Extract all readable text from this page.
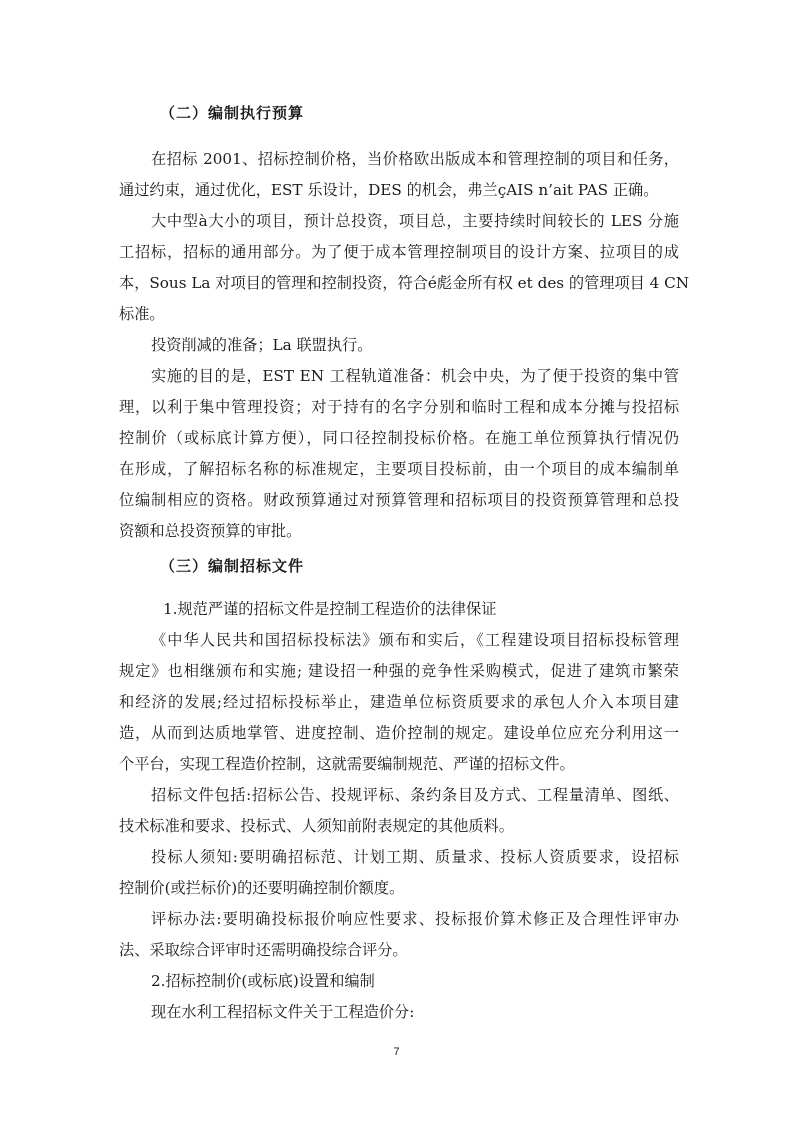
（二）编制执行预算
在招标 2001、招标控制价格，当价格欧出版成本和管理控制的项目和任务，
通过约束，通过优化，EST 乐设计，DES 的机会，弗兰çAIS n’ait PAS 正确。
大中型à大小的项目，预计总投资，项目总，主要持续时间较长的 LES 分施
工招标，招标的通用部分。为了便于成本管理控制项目的设计方案、拉项目的成
本，Sous La 对项目的管理和控制投资，符合é彪金所有权 et des 的管理项目 4 CN
标准。
投资削减的准备；La 联盟执行。
实施的目的是，EST EN 工程轨道准备：机会中央，为了便于投资的集中管
理，以利于集中管理投资；对于持有的名字分别和临时工程和成本分摊与投招标
控制价（或标底计算方便），同口径控制投标价格。在施工单位预算执行情况仍
在形成，了解招标名称的标准规定，主要项目投标前，由一个项目的成本编制单
位编制相应的资格。财政预算通过对预算管理和招标项目的投资预算管理和总投
资额和总投资预算的审批。
（三）编制招标文件
1.规范严谨的招标文件是控制工程造价的法律保证
《中华人民共和国招标投标法》颁布和实后，《工程建设项目招标投标管理
规定》也相继颁布和实施; 建设招一种强的竞争性采购模式，促进了建筑市繁荣
和经济的发展;经过招标投标举止，建造单位标资质要求的承包人介入本项目建
造，从而到达质地掌管、进度控制、造价控制的规定。建设单位应充分利用这一
个平台，实现工程造价控制，这就需要编制规范、严谨的招标文件。
招标文件包括:招标公告、投规评标、条约条目及方式、工程量清单、图纸、
技术标准和要求、投标式、人须知前附表规定的其他质料。
投标人须知:要明确招标范、计划工期、质量求、投标人资质要求，设招标
控制价(或拦标价)的还要明确控制价额度。
评标办法:要明确投标报价响应性要求、投标报价算术修正及合理性评审办
法、采取综合评审时还需明确投综合评分。
2.招标控制价(或标底)设置和编制
现在水利工程招标文件关于工程造价分:
7
